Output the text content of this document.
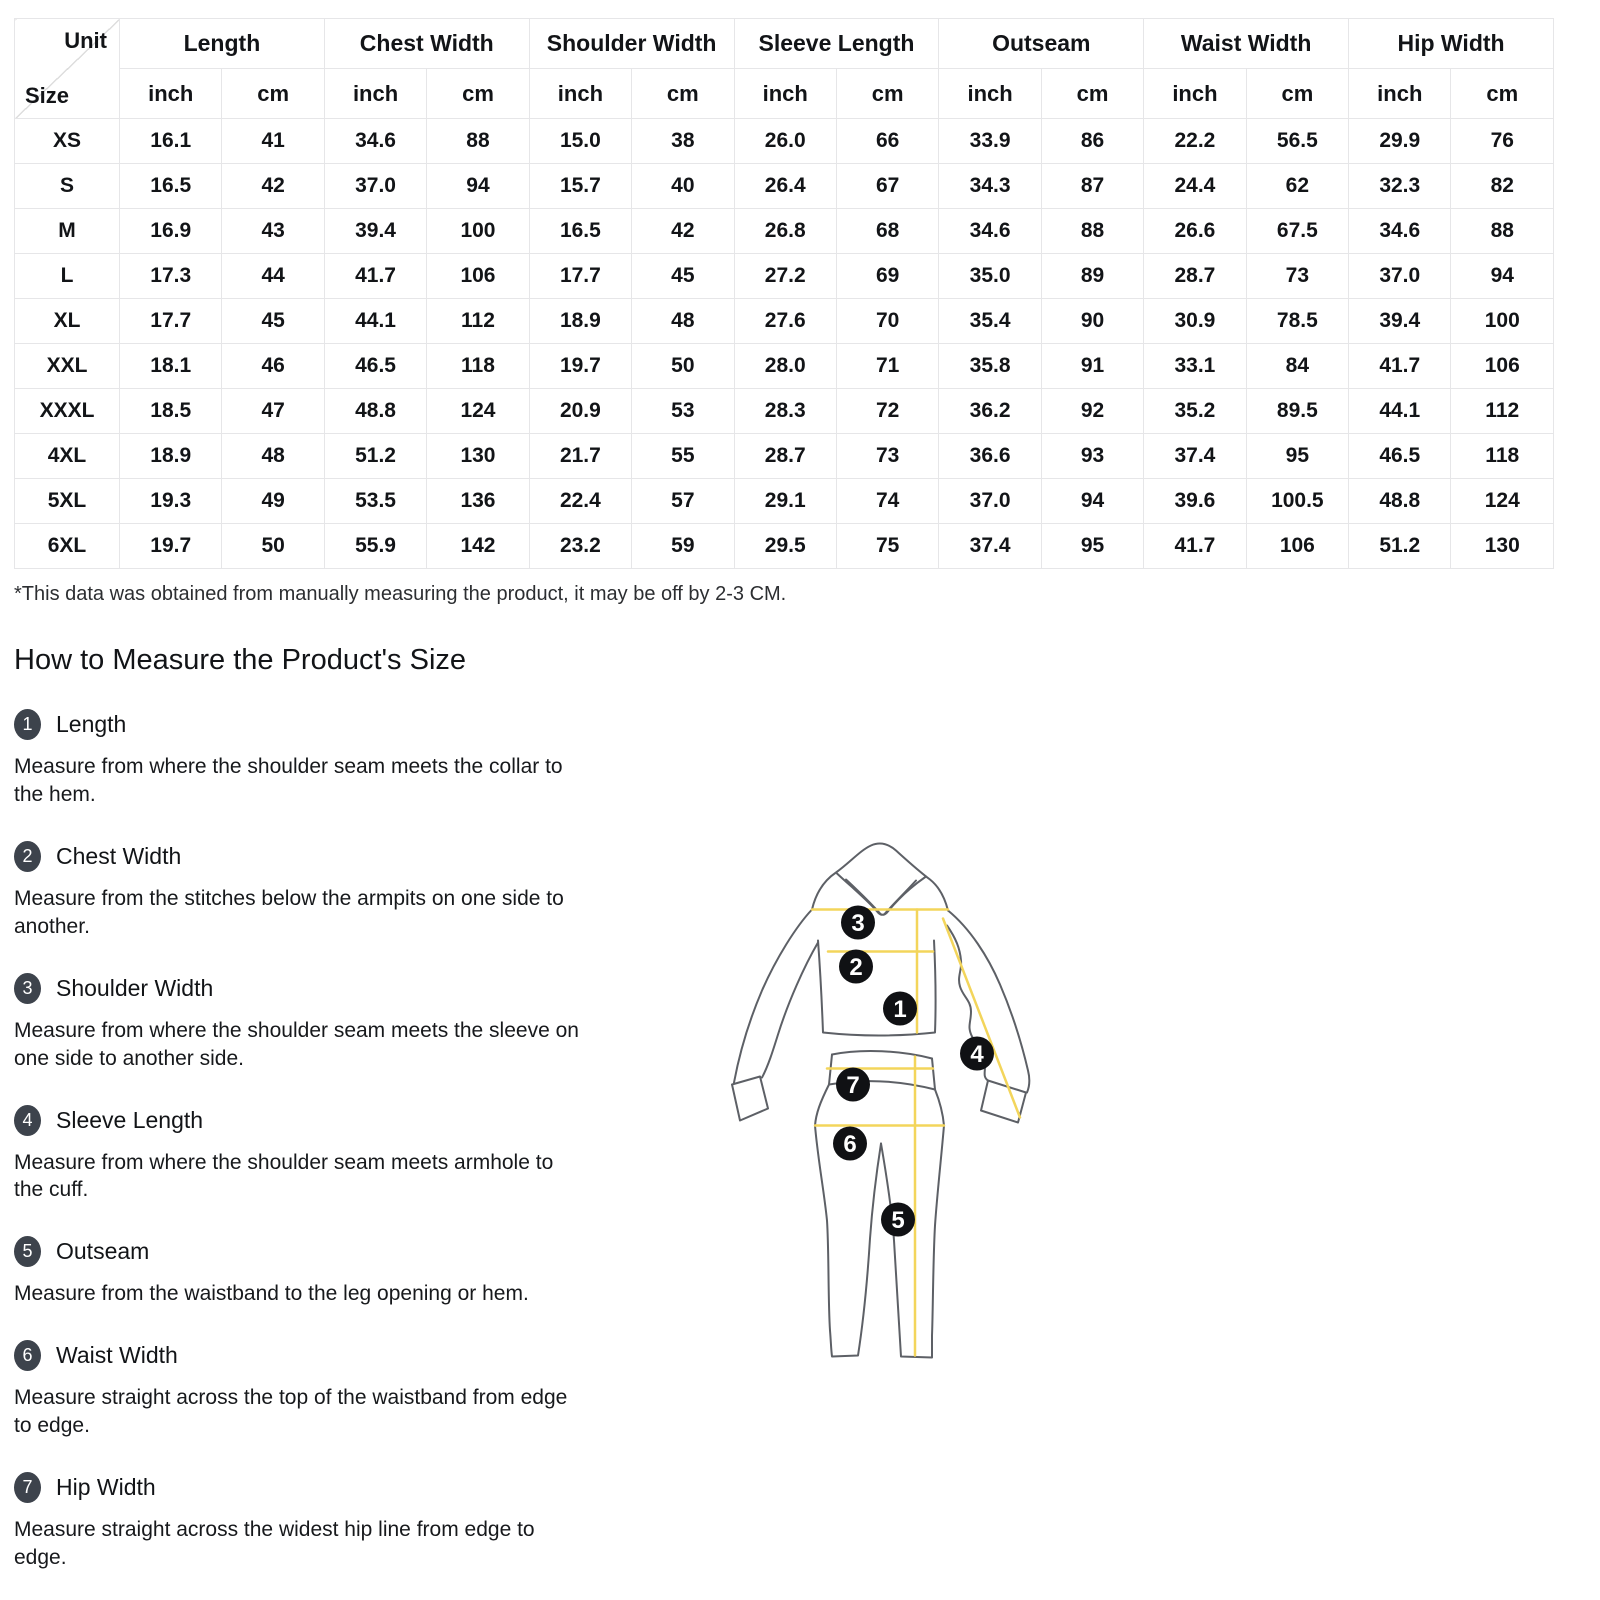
Unit
Size	Length		Chest Width		Shoulder Width		Sleeve Length		Outseam		Waist Width		Hip Width	
	inch	cm	inch	cm	inch	cm	inch	cm	inch	cm	inch	cm	inch	cm
XS	16.1	41	34.6	88	15.0	38	26.0	66	33.9	86	22.2	56.5	29.9	76
S	16.5	42	37.0	94	15.7	40	26.4	67	34.3	87	24.4	62	32.3	82
M	16.9	43	39.4	100	16.5	42	26.8	68	34.6	88	26.6	67.5	34.6	88
L	17.3	44	41.7	106	17.7	45	27.2	69	35.0	89	28.7	73	37.0	94
XL	17.7	45	44.1	112	18.9	48	27.6	70	35.4	90	30.9	78.5	39.4	100
XXL	18.1	46	46.5	118	19.7	50	28.0	71	35.8	91	33.1	84	41.7	106
XXXL	18.5	47	48.8	124	20.9	53	28.3	72	36.2	92	35.2	89.5	44.1	112
4XL	18.9	48	51.2	130	21.7	55	28.7	73	36.6	93	37.4	95	46.5	118
5XL	19.3	49	53.5	136	22.4	57	29.1	74	37.0	94	39.6	100.5	48.8	124
6XL	19.7	50	55.9	142	23.2	59	29.5	75	37.4	95	41.7	106	51.2	130

*This data was obtained from manually measuring the product, it may be off by 2-3 CM.

How to Measure the Product's Size
1	Length

Measure from where the shoulder seam meets the collar to the hem.

2	Chest Width

Measure from the stitches below the armpits on one side to another.

3	Shoulder Width

Measure from where the shoulder seam meets the sleeve on one side to another side.

4	Sleeve Length

Measure from where the shoulder seam meets armhole to the cuff.

5	Outseam

Measure from the waistband to the leg opening or hem.

6	Waist Width

Measure straight across the top of the waistband from edge to edge.

7	Hip Width

Measure straight across the widest hip line from edge to edge.

1
2
3
4
5
6
7
